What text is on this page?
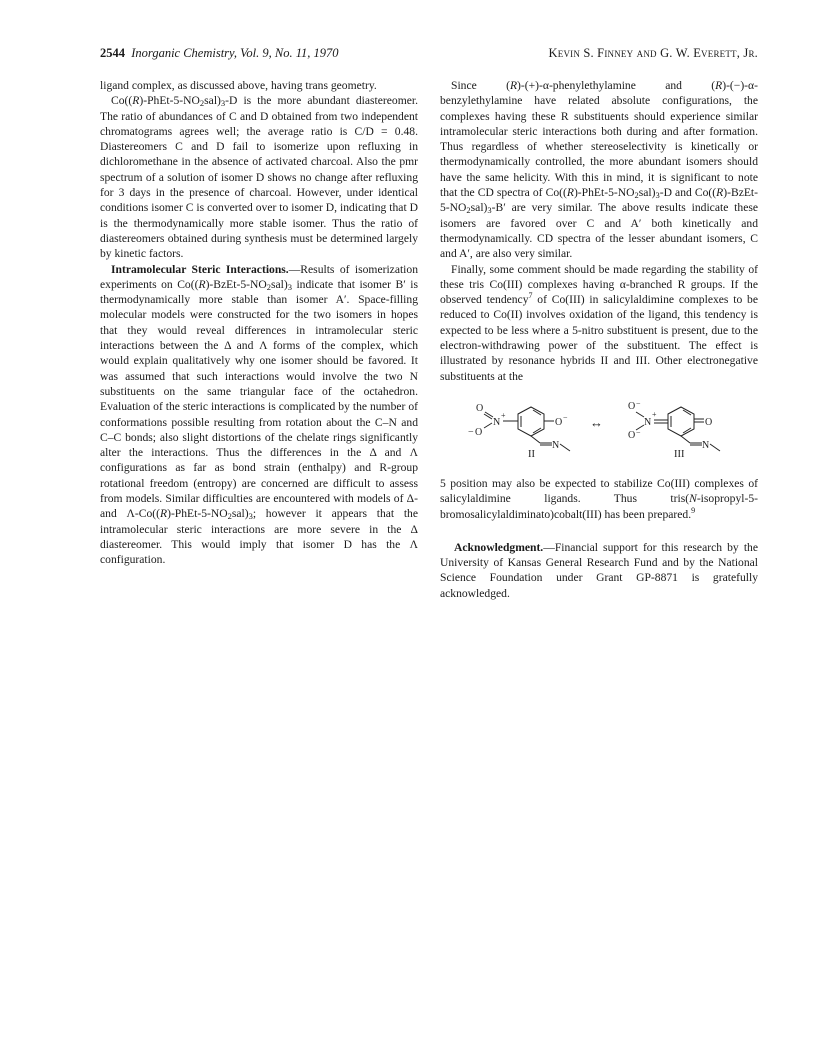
2544 Inorganic Chemistry, Vol. 9, No. 11, 1970	Kevin S. Finney and G. W. Everett, Jr.

ligand complex, as discussed above, having trans geometry.

$Co((R)-PhEt-5-NO_2sal)_3-D$ is the more abundant diastereomer. The ratio of abundances of C and D obtained from two independent chromatograms agrees well; the average ratio is C/D = 0.48. Diastereomers C and D fail to isomerize upon refluxing in dichloromethane in the absence of activated charcoal. Also the pmr spectrum of a solution of isomer D shows no change after refluxing for 3 days in the presence of charcoal. However, under identical conditions isomer C is converted over to isomer D, indicating that D is the thermodynamically more stable isomer. Thus the ratio of diastereomers obtained during synthesis must be determined largely by kinetic factors.

Intramolecular Steric Interactions.—Results of isomerization experiments on $Co((R)-BzEt-5-NO_2sal)_3$ indicate that isomer B′ is thermodynamically more stable than isomer A′. Space-filling molecular models were constructed for the two isomers in hopes that they would reveal differences in intramolecular steric interactions between the Δ and Λ forms of the complex, which would explain qualitatively why one isomer should be favored. It was assumed that such interactions would involve the two N substituents on the same triangular face of the octahedron. Evaluation of the steric interactions is complicated by the number of conformations possible resulting from rotation about the C–N and C–C bonds; also slight distortions of the chelate rings significantly alter the interactions. Thus the differences in the Δ and Λ configurations as far as bond strain (enthalpy) and R-group rotational freedom (entropy) are concerned are difficult to assess from models. Similar difficulties are encountered with models of Δ- and $\Lambda-Co((R)-PhEt-5-NO_2sal)_3$; however it appears that the intramolecular steric interactions are more severe in the Δ diastereomer. This would imply that isomer D has the Λ configuration.

Since (R)-(+)-α-phenylethylamine and (R)-(−)-α-benzylethylamine have related absolute configurations, the complexes having these R substituents should experience similar intramolecular steric interactions both during and after formation. Thus regardless of whether stereoselectivity is kinetically or thermodynamically controlled, the more abundant isomers should have the same helicity. With this in mind, it is significant to note that the CD spectra of $Co((R)-PhEt-5-NO_2sal)_3-D$ and $Co((R)-BzEt-5-NO_2sal)_3-B'$ are very similar. The above results indicate these isomers are favored over C and A′ both kinetically and thermodynamically. CD spectra of the lesser abundant isomers, C and A′, are also very similar.

Finally, some comment should be made regarding the stability of these tris Co(III) complexes having α-branched R groups. If the observed tendency$^7$ of Co(III) in salicylaldimine complexes to be reduced to Co(II) involves oxidation of the ligand, this tendency is expected to be less where a 5-nitro substituent is present, due to the electron-withdrawing power of the substituent. The effect is illustrated by resonance hybrids II and III. Other electronegative substituents at the

O
− O
N
+
O −
N
↔
O −
O −
N
+
O
N
II	III

5 position may also be expected to stabilize Co(III) complexes of salicylaldimine ligands. Thus tris(N-isopropyl-5-bromosalicylaldiminato)cobalt(III) has been prepared.$^9$

Acknowledgment.—Financial support for this research by the University of Kansas General Research Fund and by the National Science Foundation under Grant GP-8871 is gratefully acknowledged.
